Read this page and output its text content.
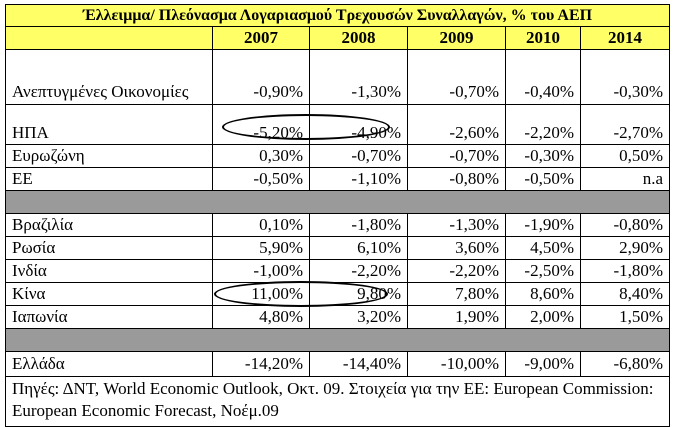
Έλλειμμα/ Πλεόνασμα Λογαριασμού Τρεχουσών Συναλλαγών, % του ΑΕΠ					
	2007	2008	2009	2010	2014
Ανεπτυγμένες Οικονομίες	-0,90%	-1,30%	-0,70%	-0,40%	-0,30%
ΗΠΑ	-5,20%	-4,90%	-2,60%	-2,20%	-2,70%
Ευρωζώνη	0,30%	-0,70%	-0,70%	-0,30%	0,50%
ΕΕ	-0,50%	-1,10%	-0,80%	-0,50%	n.a

Βραζιλία	0,10%	-1,80%	-1,30%	-1,90%	-0,80%
Ρωσία	5,90%	6,10%	3,60%	4,50%	2,90%
Ινδία	-1,00%	-2,20%	-2,20%	-2,50%	-1,80%
Κίνα	11,00%	9,80%	7,80%	8,60%	8,40%
Ιαπωνία	4,80%	3,20%	1,90%	2,00%	1,50%

Ελλάδα	-14,20%	-14,40%	-10,00%	-9,00%	-6,80%
Πηγές: ΔΝΤ, World Economic Outlook, Οκτ. 09. Στοιχεία για την ΕΕ: European Commission: European Economic Forecast, Νοέμ.09					
